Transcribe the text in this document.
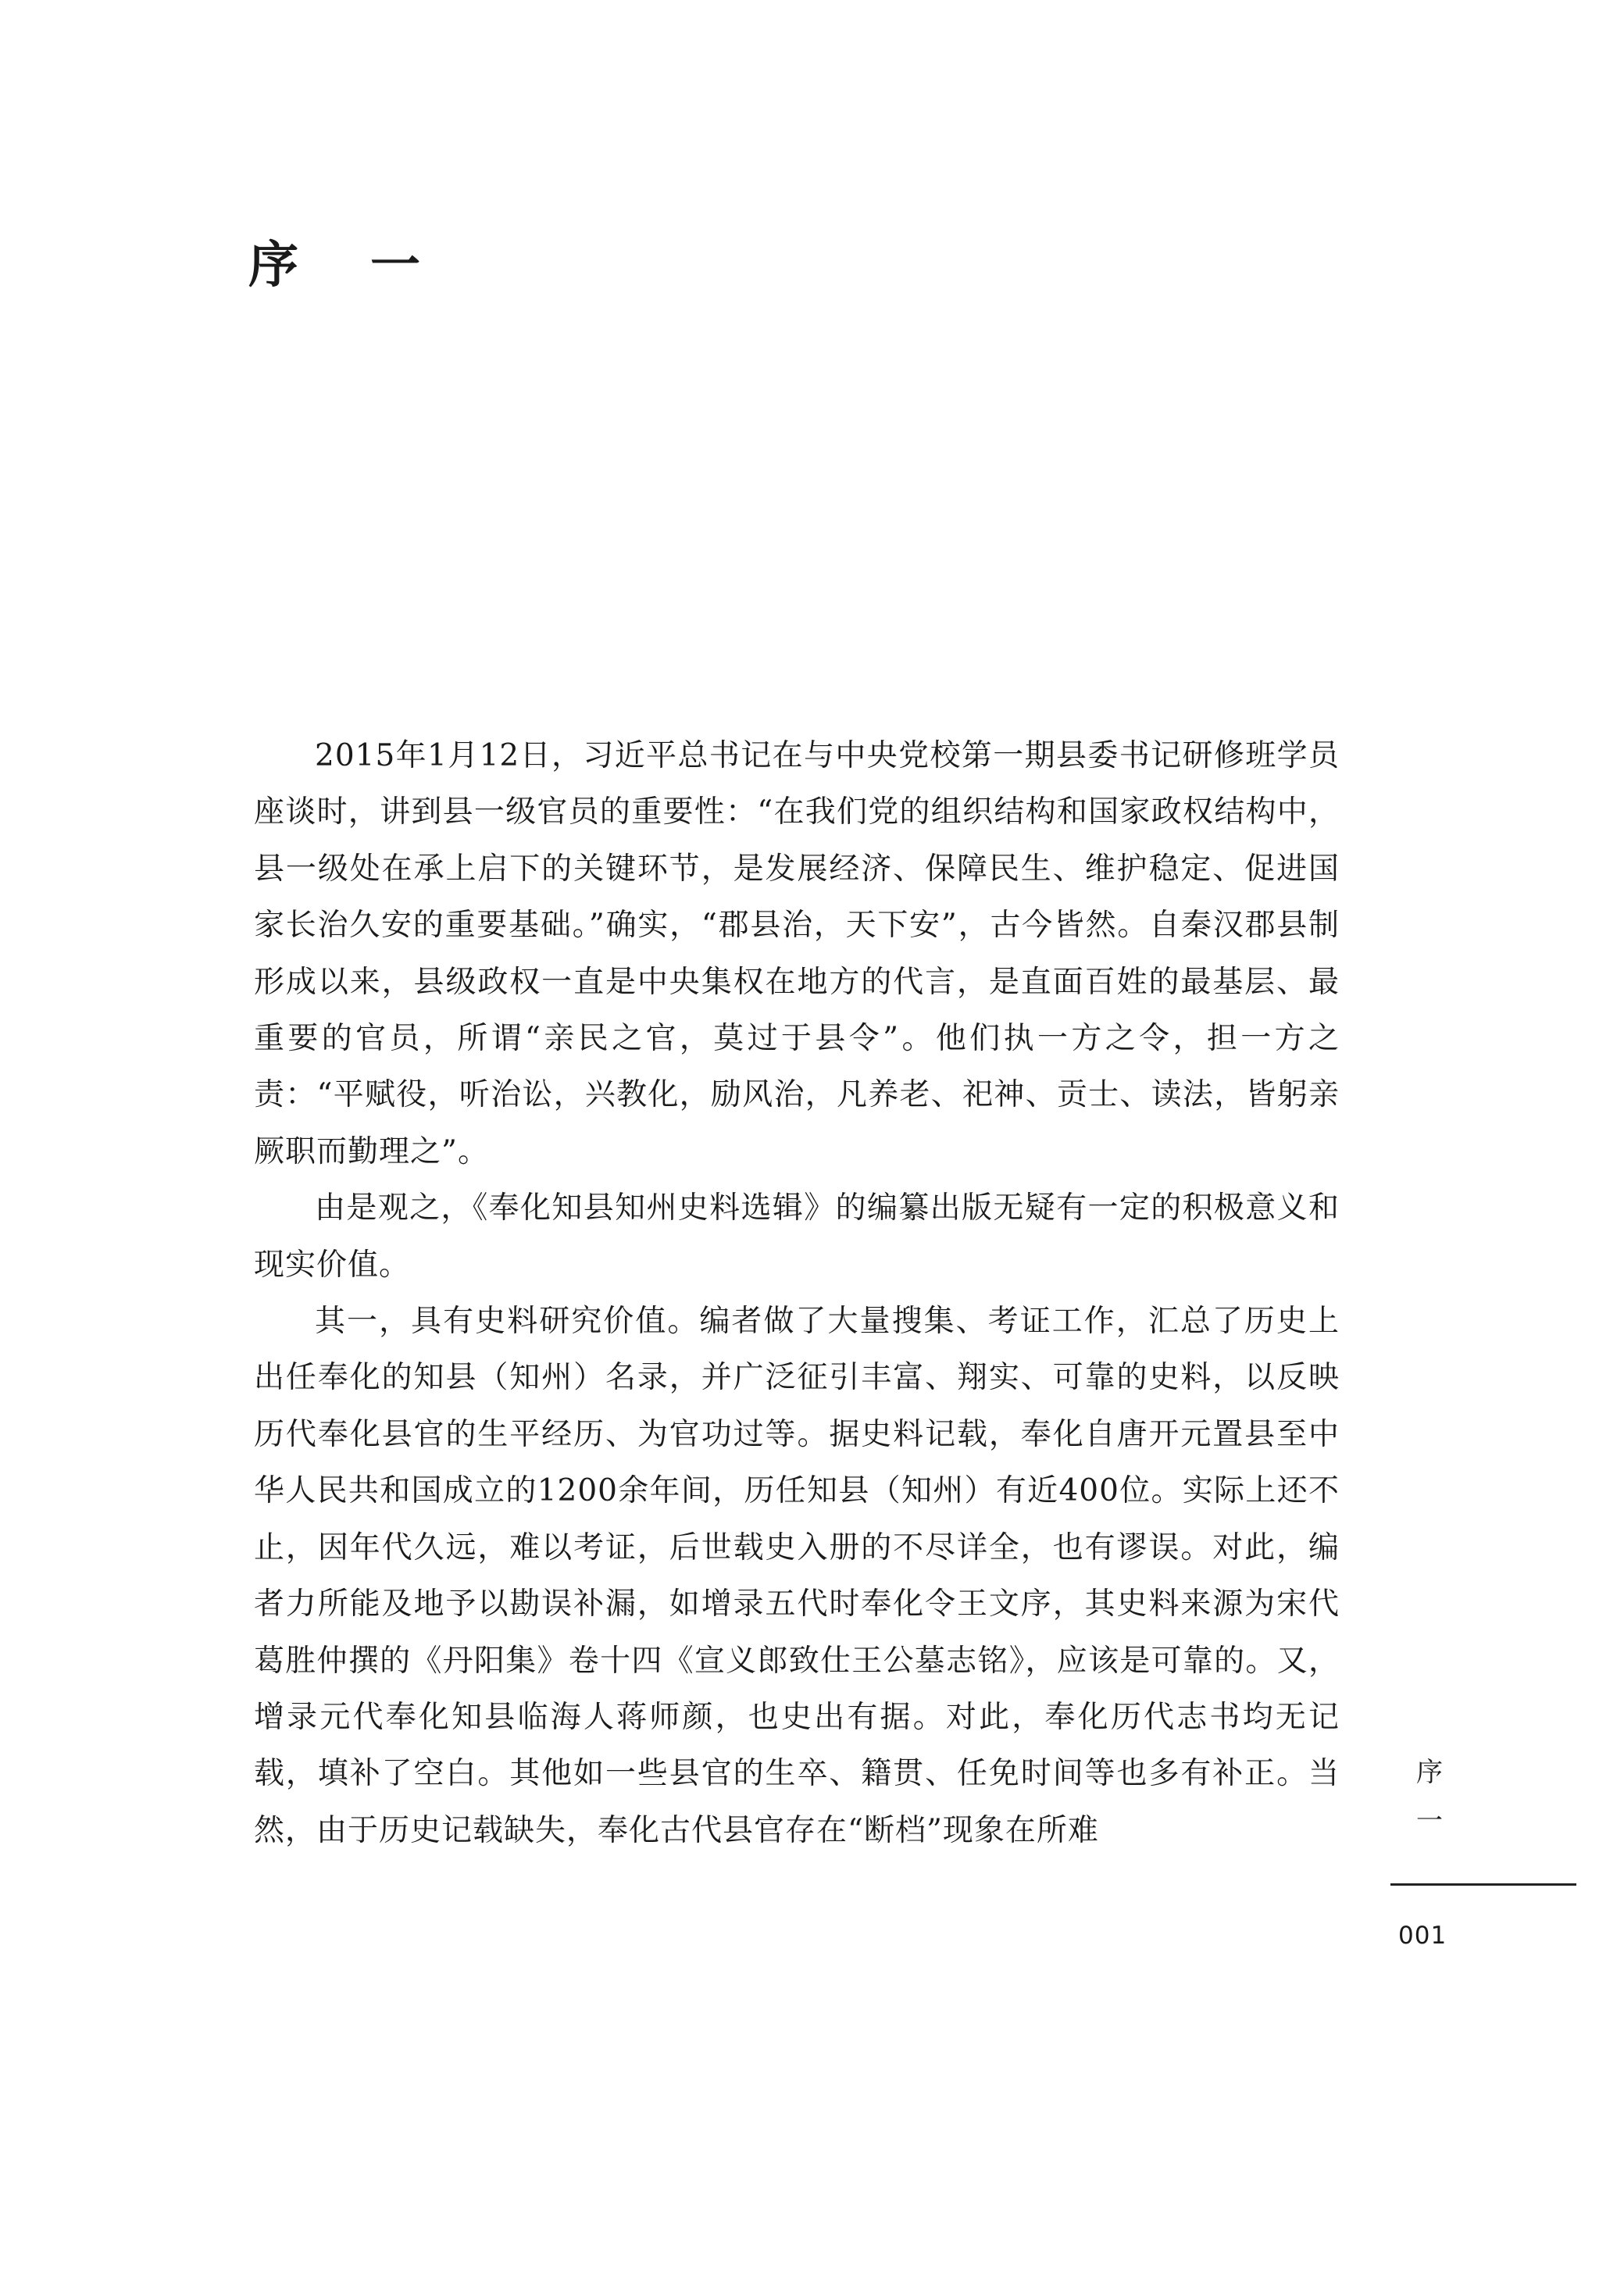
序一

2015年1月12日，习近平总书记在与中央党校第一期县委书记研修班学员座谈时，讲到县一级官员的重要性：“在我们党的组织结构和国家政权结构中，县一级处在承上启下的关键环节，是发展经济、保障民生、维护稳定、促进国家长治久安的重要基础。”确实，“郡县治，天下安”，古今皆然。自秦汉郡县制形成以来，县级政权一直是中央集权在地方的代言，是直面百姓的最基层、最重要的官员，所谓“亲民之官，莫过于县令”。他们执一方之令，担一方之责：“平赋役，听治讼，兴教化，励风治，凡养老、祀神、贡士、读法，皆躬亲厥职而勤理之”。

由是观之，《奉化知县知州史料选辑》的编纂出版无疑有一定的积极意义和现实价值。

其一，具有史料研究价值。编者做了大量搜集、考证工作，汇总了历史上出任奉化的知县（知州）名录，并广泛征引丰富、翔实、可靠的史料，以反映历代奉化县官的生平经历、为官功过等。据史料记载，奉化自唐开元置县至中华人民共和国成立的1200余年间，历任知县（知州）有近400位。实际上还不止，因年代久远，难以考证，后世载史入册的不尽详全，也有谬误。对此，编者力所能及地予以勘误补漏，如增录五代时奉化令王文序，其史料来源为宋代葛胜仲撰的《丹阳集》卷十四《宣义郎致仕王公墓志铭》，应该是可靠的。又，增录元代奉化知县临海人蒋师颜，也史出有据。对此，奉化历代志书均无记载，填补了空白。其他如一些县官的生卒、籍贯、任免时间等也多有补正。当然，由于历史记载缺失，奉化古代县官存在“断档”现象在所难

序
一
001
